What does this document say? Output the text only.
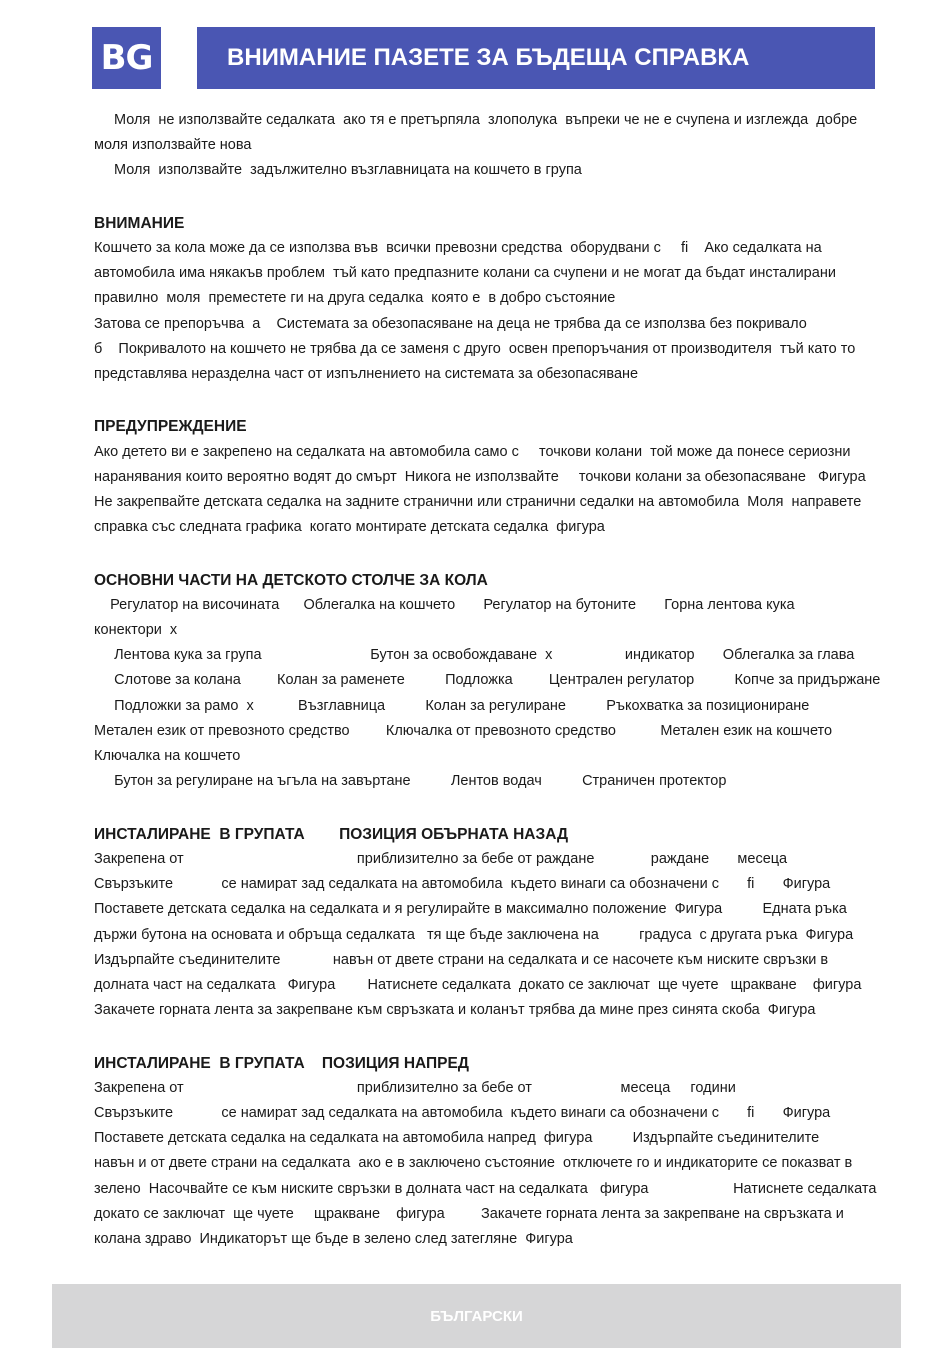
BG	ВНИМАНИЕ ПАЗЕТЕ ЗА БЪДЕЩА СПРАВКА

Моля  не използвайте седалката  ако тя е претърпяла  злополука  въпреки че не е счупена и изглежда  добре    моля използвайте нова

Моля  използвайте  задължително възглавницата на кошчето в група

ВНИМАНИЕ

Кошчето за кола може да се използва във  всички превозни средства  оборудвани с     fi    Ако седалката на автомобила има някакъв проблем  тъй като предпазните колани са счупени и не могат да бъдат инсталирани правилно  моля  преместете ги на друга седалка  която е  в добро състояние

Затова се препоръчва  а    Системата за обезопасяване на деца не трябва да се използва без покривало

б    Покривалото на кошчето не трябва да се заменя с друго  освен препоръчания от производителя  тъй като то представлява неразделна част от изпълнението на системата за обезопасяване

ПРЕДУПРЕЖДЕНИЕ

Ако детето ви е закрепено на седалката на автомобила само с     точкови колани  той може да понесе сериозни наранявания които вероятно водят до смърт  Никога не използвайте     точкови колани за обезопасяване   Фигура

Не закрепвайте детската седалка на задните странични или странични седалки на автомобила  Моля  направете справка със следната графика  когато монтирате детската седалка  фигура

ОСНОВНИ ЧАСТИ НА ДЕТСКОТО СТОЛЧЕ ЗА КОЛА

Регулатор на височината      Облегалка на кошчето       Регулатор на бутоните       Горна лентова кука                конектори  х

Лентова кука за група                           Бутон за освобождаване  х                  индикатор       Облегалка за глава

Слотове за колана         Колан за раменете          Подложка         Централен регулатор          Копче за придържане

Подложки за рамо  х           Възглавница          Колан за регулиране          Ръкохватка за позициониране          Металeн език от превозното средство         Ключалка от превозното средство           Металeн език на кошчето           Ключалка на кошчето

Бутон за регулиране на ъгъла на завъртане          Лентов водач          Страничен протектор

ИНСТАЛИРАНЕ  В ГРУПАТА        ПОЗИЦИЯ ОБЪРНАТА НАЗАД

Закрепена от                                           приблизително за бебе от раждане              раждане       месеца

Свързъките            се намират зад седалката на автомобила  където винаги са обозначени с       fi       Фигура         Поставете детската седалка на седалката и я регулирайте в максимално положение  Фигура          Едната ръка държи бутона на основата и обръща седалката   тя ще бъде заключена на          градуса  с другата ръка  Фигура                 Издърпайте съединителите             навън от двете страни на седалката и се насочете към ниските свръзки в долната част на седалката   Фигура        Натиснете седалката  докато се заключат  ще чуете   щракване    фигура          Закачете горната лента за закрепване към свръзката и коланът трябва да мине през синята скоба  Фигура

ИНСТАЛИРАНЕ  В ГРУПАТА    ПОЗИЦИЯ НАПРЕД

Закрепена от                                           приблизително за бебе от                      месеца     години

Свързъките            се намират зад седалката на автомобила  където винаги са обозначени с       fi       Фигура         Поставете детската седалка на седалката на автомобила напред  фигура          Издърпайте съединителите             навън и от двете страни на седалката  ако е в заключено състояние  отключете го и индикаторите се показват в зелено  Насочвайте се към ниските свръзки в долната част на седалката   фигура                     Натиснете седалката  докато се заключат  щe чуете     щракване    фигура         Закачете горната лента за закрепване на свръзката и колана здраво  Индикаторът ще бъде в зелено след затегляне  Фигура

БЪЛГАРСКИ
